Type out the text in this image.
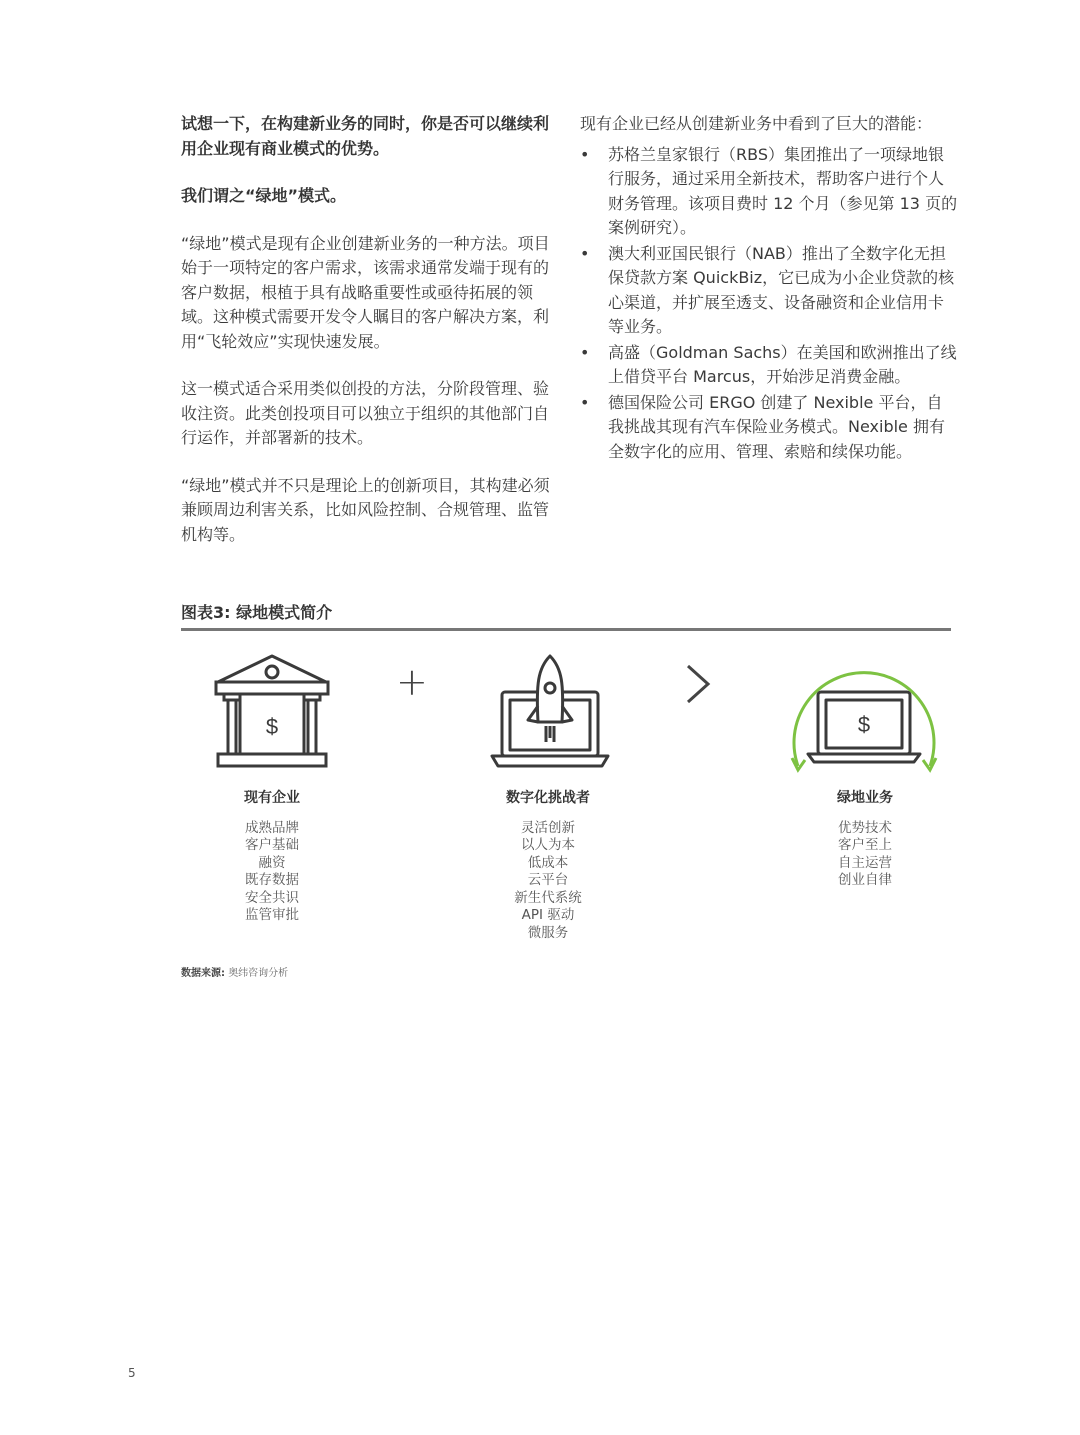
试想一下，在构建新业务的同时，你是否可以继续利用企业现有商业模式的优势。

我们谓之“绿地”模式。

“绿地”模式是现有企业创建新业务的一种方法。项目始于一项特定的客户需求，该需求通常发端于现有的客户数据，根植于具有战略重要性或亟待拓展的领域。这种模式需要开发令人瞩目的客户解决方案，利用“飞轮效应”实现快速发展。

这一模式适合采用类似创投的方法，分阶段管理、验收注资。此类创投项目可以独立于组织的其他部门自行运作，并部署新的技术。

“绿地”模式并不只是理论上的创新项目，其构建必须兼顾周边利害关系，比如风险控制、合规管理、监管机构等。

现有企业已经从创建新业务中看到了巨大的潜能：

• 苏格兰皇家银行（RBS）集团推出了一项绿地银行服务，通过采用全新技术，帮助客户进行个人财务管理。该项目费时 12 个月（参见第 13 页的案例研究）。
• 澳大利亚国民银行（NAB）推出了全数字化无担保贷款方案 QuickBiz，它已成为小企业贷款的核心渠道，并扩展至透支、设备融资和企业信用卡等业务。
• 高盛（Goldman Sachs）在美国和欧洲推出了线上借贷平台 Marcus，开始涉足消费金融。
• 德国保险公司 ERGO 创建了 Nexible 平台，自我挑战其现有汽车保险业务模式。Nexible 拥有全数字化的应用、管理、索赔和续保功能。
图表3: 绿地模式简介
$
+
$
现有企业
成熟品牌
客户基础
融资
既存数据
安全共识
监管审批
数字化挑战者
灵活创新
以人为本
低成本
云平台
新生代系统
API 驱动
微服务
绿地业务
优势技术
客户至上
自主运营
创业自律
数据来源: 奥纬咨询分析
5
